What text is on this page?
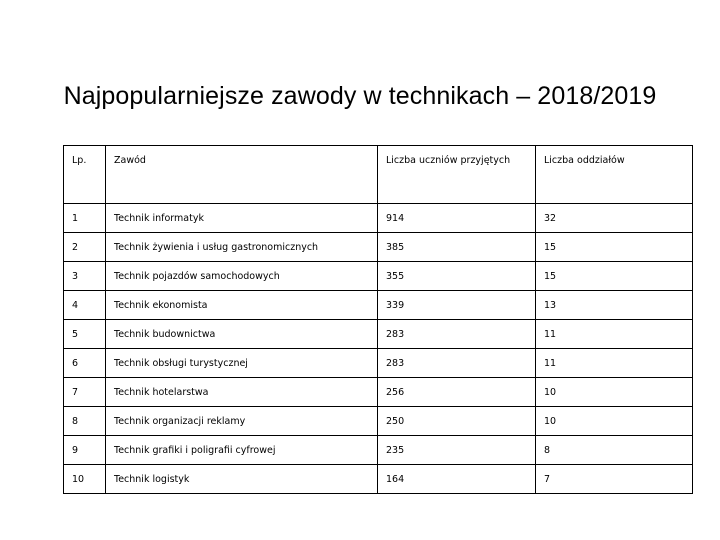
Najpopularniejsze zawody w technikach – 2018/2019
Lp.	Zawód	Liczba uczniów przyjętych	Liczba oddziałów
1	Technik informatyk	914	32
2	Technik żywienia i usług gastronomicznych	385	15
3	Technik pojazdów samochodowych	355	15
4	Technik ekonomista	339	13
5	Technik budownictwa	283	11
6	Technik obsługi turystycznej	283	11
7	Technik hotelarstwa	256	10
8	Technik organizacji reklamy	250	10
9	Technik grafiki i poligrafii cyfrowej	235	8
10	Technik logistyk	164	7
